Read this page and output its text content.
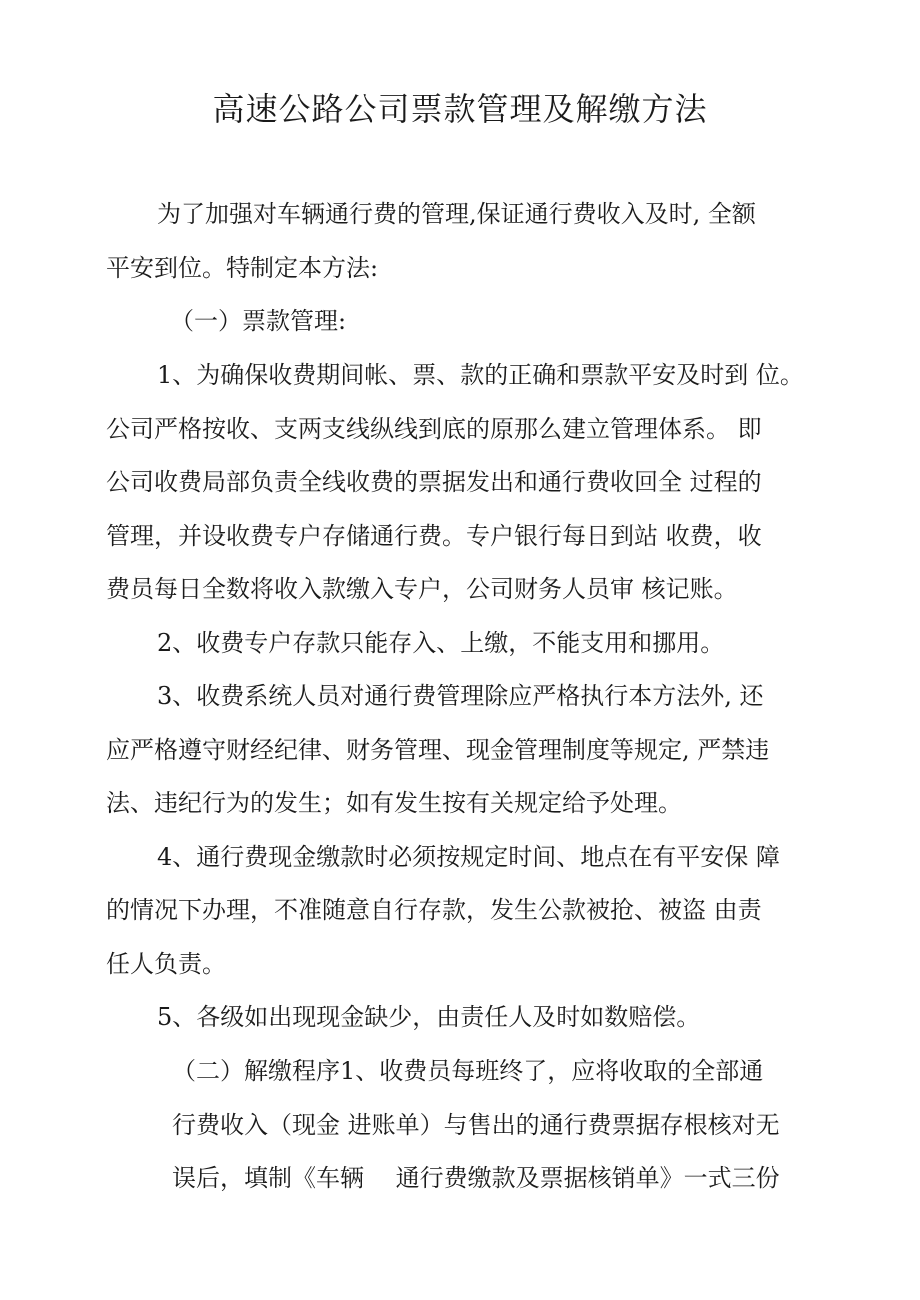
高速公路公司票款管理及解缴方法
为了加强对车辆通行费的管理,保证通行费收入及时, 全额
平安到位。特制定本方法:
（一）票款管理:
1、为确保收费期间帐、票、款的正确和票款平安及时到 位。
公司严格按收、支两支线纵线到底的原那么建立管理体系。 即
公司收费局部负责全线收费的票据发出和通行费收回全 过程的
管理，并设收费专户存储通行费。专户银行每日到站 收费，收
费员每日全数将收入款缴入专户，公司财务人员审 核记账。
2、收费专户存款只能存入、上缴，不能支用和挪用。
3、收费系统人员对通行费管理除应严格执行本方法外, 还
应严格遵守财经纪律、财务管理、现金管理制度等规定, 严禁违
法、违纪行为的发生；如有发生按有关规定给予处理。
4、通行费现金缴款时必须按规定时间、地点在有平安保 障
的情况下办理，不准随意自行存款，发生公款被抢、被盗 由责
任人负责。
5、各级如出现现金缺少，由责任人及时如数赔偿。
（二）解缴程序1、收费员每班终了，应将收取的全部通
行费收入（现金 进账单）与售出的通行费票据存根核对无
误后，填制《车辆　 通行费缴款及票据核销单》一式三份
